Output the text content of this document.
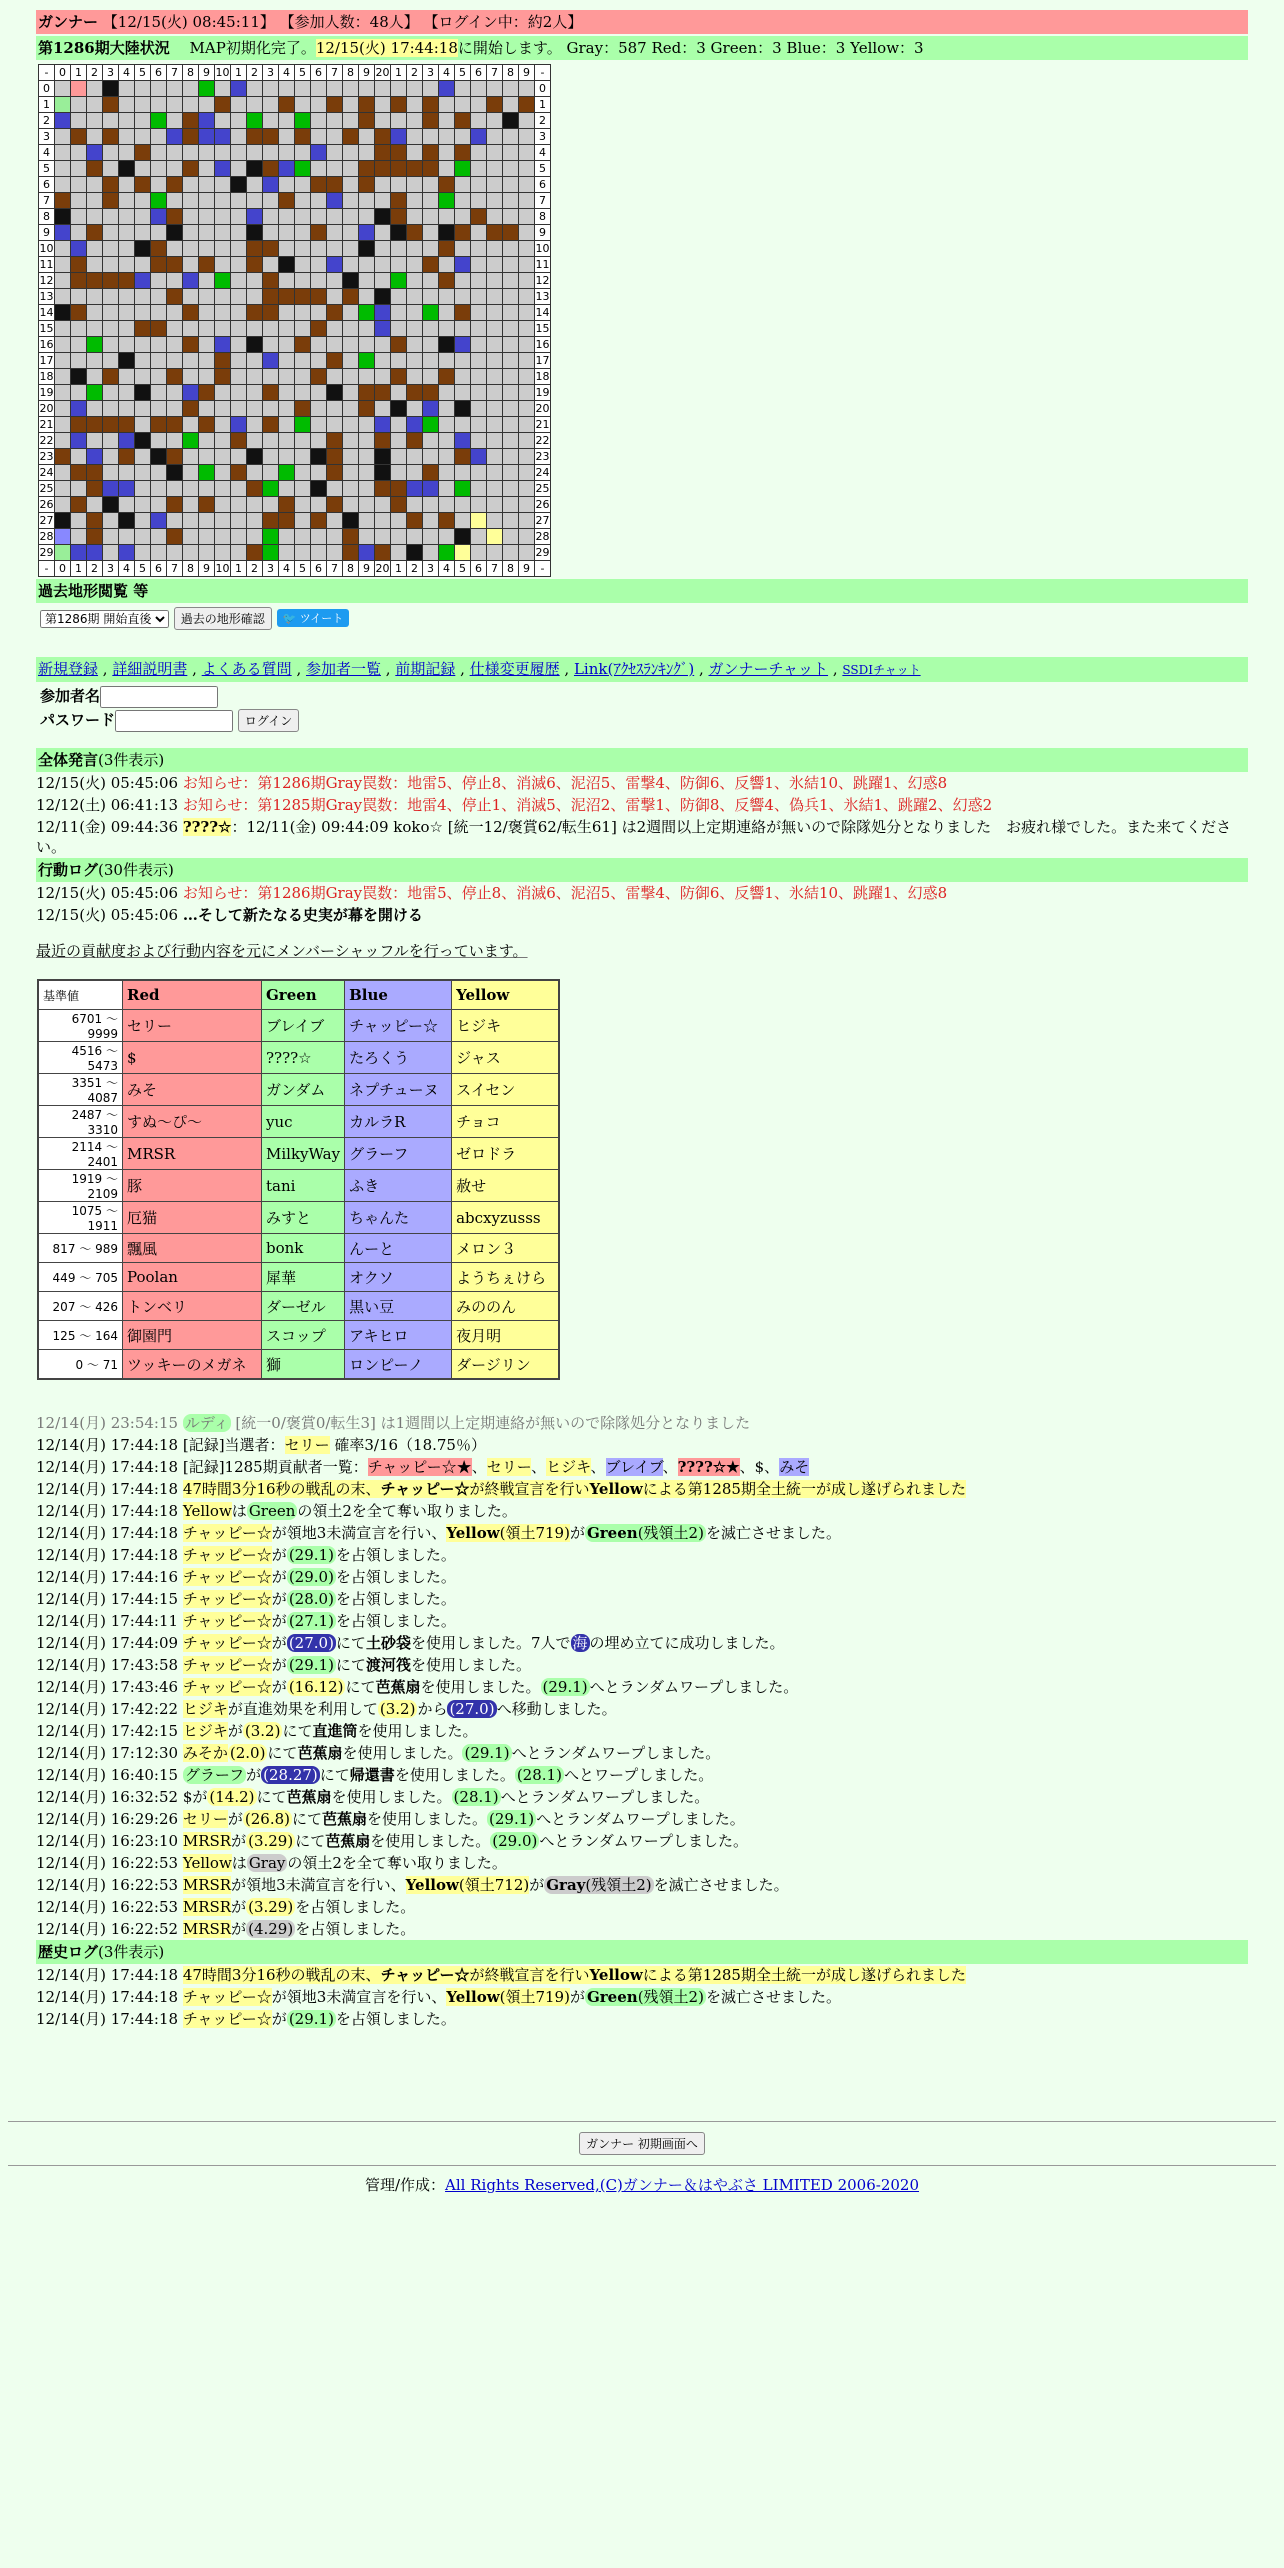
ガンナー 【12/15(火) 08:45:11】 【参加人数：48人】 【ログイン中：約2人】
第1286期大陸状況　 MAP初期化完了。12/15(火) 17:44:18に開始します。 Gray：587 Red：3 Green：3 Blue：3 Yellow：3
-	0	1	2	3	4	5	6	7	8	9	10	1	2	3	4	5	6	7	8	9	20	1	2	3	4	5	6	7	8	9	-
0																															0
1																															1
2																															2
3																															3
4																															4
5																															5
6																															6
7																															7
8																															8
9																															9
10																															10
11																															11
12																															12
13																															13
14																															14
15																															15
16																															16
17																															17
18																															18
19																															19
20																															20
21																															21
22																															22
23																															23
24																															24
25																															25
26																															26
27																															27
28																															28
29																															29
-	0	1	2	3	4	5	6	7	8	9	10	1	2	3	4	5	6	7	8	9	20	1	2	3	4	5	6	7	8	9	-
過去地形閲覧 等
第1286期 開始直後 過去の地形確認 🐦 ツイート
新規登録 , 詳細説明書 , よくある質問 , 参加者一覧 , 前期記録 , 仕様変更履歴 , Link(ｱｸｾｽﾗﾝｷﾝｸﾞ) , ガンナーチャット , SSDIチャット
参加者名
パスワード	ログイン
全体発言(3件表示)
12/15(火) 05:45:06 お知らせ：第1286期Gray罠数：地雷5、停止8、消滅6、泥沼5、雷撃4、防御6、反響1、氷結10、跳躍1、幻惑8
12/12(土) 06:41:13 お知らせ：第1285期Gray罠数：地雷4、停止1、消滅5、泥沼2、雷撃1、防御8、反響4、偽兵1、氷結1、跳躍2、幻惑2
12/11(金) 09:44:36 ????☆：12/11(金) 09:44:09 koko☆ [統一12/褒賞62/転生61] は2週間以上定期連絡が無いので除隊処分となりました　お疲れ様でした。また来てください。
行動ログ(30件表示)
12/15(火) 05:45:06 お知らせ：第1286期Gray罠数：地雷5、停止8、消滅6、泥沼5、雷撃4、防御6、反響1、氷結10、跳躍1、幻惑8
12/15(火) 05:45:06 …そして新たなる史実が幕を開ける
最近の貢献度および行動内容を元にメンバーシャッフルを行っています。
基準値	Red	Green	Blue	Yellow
6701 ～ 9999	セリー	ブレイブ	チャッピー☆	ヒジキ
4516 ～ 5473	$	????☆	たろくう	ジャス
3351 ～ 4087	みそ	ガンダム	ネプチューヌ	スイセン
2487 ～ 3310	すぬ～ぴ～	yuc	カルラR	チョコ
2114 ～ 2401	MRSR	MilkyWay	グラーフ	ゼロドラ
1919 ～ 2109	豚	tani	ふき	赦せ
1075 ～ 1911	厄猫	みすと	ちゃんた	abcxyzusss
817 ～ 989	飄風	bonk	んーと	メロン３
449 ～ 705	Poolan	犀華	オクソ	ようちぇけら
207 ～ 426	トンベリ	ダーゼル	黒い豆	みののん
125 ～ 164	御園門	スコップ	アキヒロ	夜月明
0 ～ 71	ツッキーのメガネ	獅	ロンピーノ	ダージリン
12/14(月) 23:54:15 ルディ [統一0/褒賞0/転生3] は1週間以上定期連絡が無いので除隊処分となりました
12/14(月) 17:44:18 [記録]当選者：セリー 確率3/16（18.75％）
12/14(月) 17:44:18 [記録]1285期貢献者一覧：チャッピー☆★、セリー、ヒジキ、ブレイブ、????☆★、$、みそ
12/14(月) 17:44:18 47時間3分16秒の戦乱の末、チャッピー☆が終戦宣言を行いYellowによる第1285期全土統一が成し遂げられました
12/14(月) 17:44:18 Yellowは Green の領土2を全て奪い取りました。
12/14(月) 17:44:18 チャッピー☆が領地3未満宣言を行い、Yellow(領土719)が Green(残領土2) を滅亡させました。
12/14(月) 17:44:18 チャッピー☆が (29.1) を占領しました。
12/14(月) 17:44:16 チャッピー☆が (29.0) を占領しました。
12/14(月) 17:44:15 チャッピー☆が (28.0) を占領しました。
12/14(月) 17:44:11 チャッピー☆が (27.1) を占領しました。
12/14(月) 17:44:09 チャッピー☆が (27.0) にて土砂袋を使用しました。7人で 海 の埋め立てに成功しました。
12/14(月) 17:43:58 チャッピー☆が (29.1) にて渡河筏を使用しました。
12/14(月) 17:43:46 チャッピー☆が (16.12) にて芭蕉扇を使用しました。 (29.1) へとランダムワープしました。
12/14(月) 17:42:22 ヒジキが直進効果を利用して (3.2) から (27.0) へ移動しました。
12/14(月) 17:42:15 ヒジキが (3.2) にて直進筒を使用しました。
12/14(月) 17:12:30 みそか (2.0) にて芭蕉扇を使用しました。 (29.1) へとランダムワープしました。
12/14(月) 16:40:15 グラーフ が (28.27) にて帰還書を使用しました。 (28.1) へとワープしました。
12/14(月) 16:32:52 $が (14.2) にて芭蕉扇を使用しました。 (28.1) へとランダムワープしました。
12/14(月) 16:29:26 セリーが (26.8) にて芭蕉扇を使用しました。 (29.1) へとランダムワープしました。
12/14(月) 16:23:10 MRSRが (3.29) にて芭蕉扇を使用しました。 (29.0) へとランダムワープしました。
12/14(月) 16:22:53 Yellowは Gray の領土2を全て奪い取りました。
12/14(月) 16:22:53 MRSRが領地3未満宣言を行い、Yellow(領土712)が Gray(残領土2) を滅亡させました。
12/14(月) 16:22:53 MRSRが (3.29) を占領しました。
12/14(月) 16:22:52 MRSRが (4.29) を占領しました。
歴史ログ(3件表示)
12/14(月) 17:44:18 47時間3分16秒の戦乱の末、チャッピー☆が終戦宣言を行いYellowによる第1285期全土統一が成し遂げられました
12/14(月) 17:44:18 チャッピー☆が領地3未満宣言を行い、Yellow(領土719)が Green(残領土2) を滅亡させました。
12/14(月) 17:44:18 チャッピー☆が (29.1) を占領しました。
ガンナー 初期画面へ
管理/作成：All Rights Reserved,(C)ガンナー＆はやぶさ LIMITED 2006-2020
